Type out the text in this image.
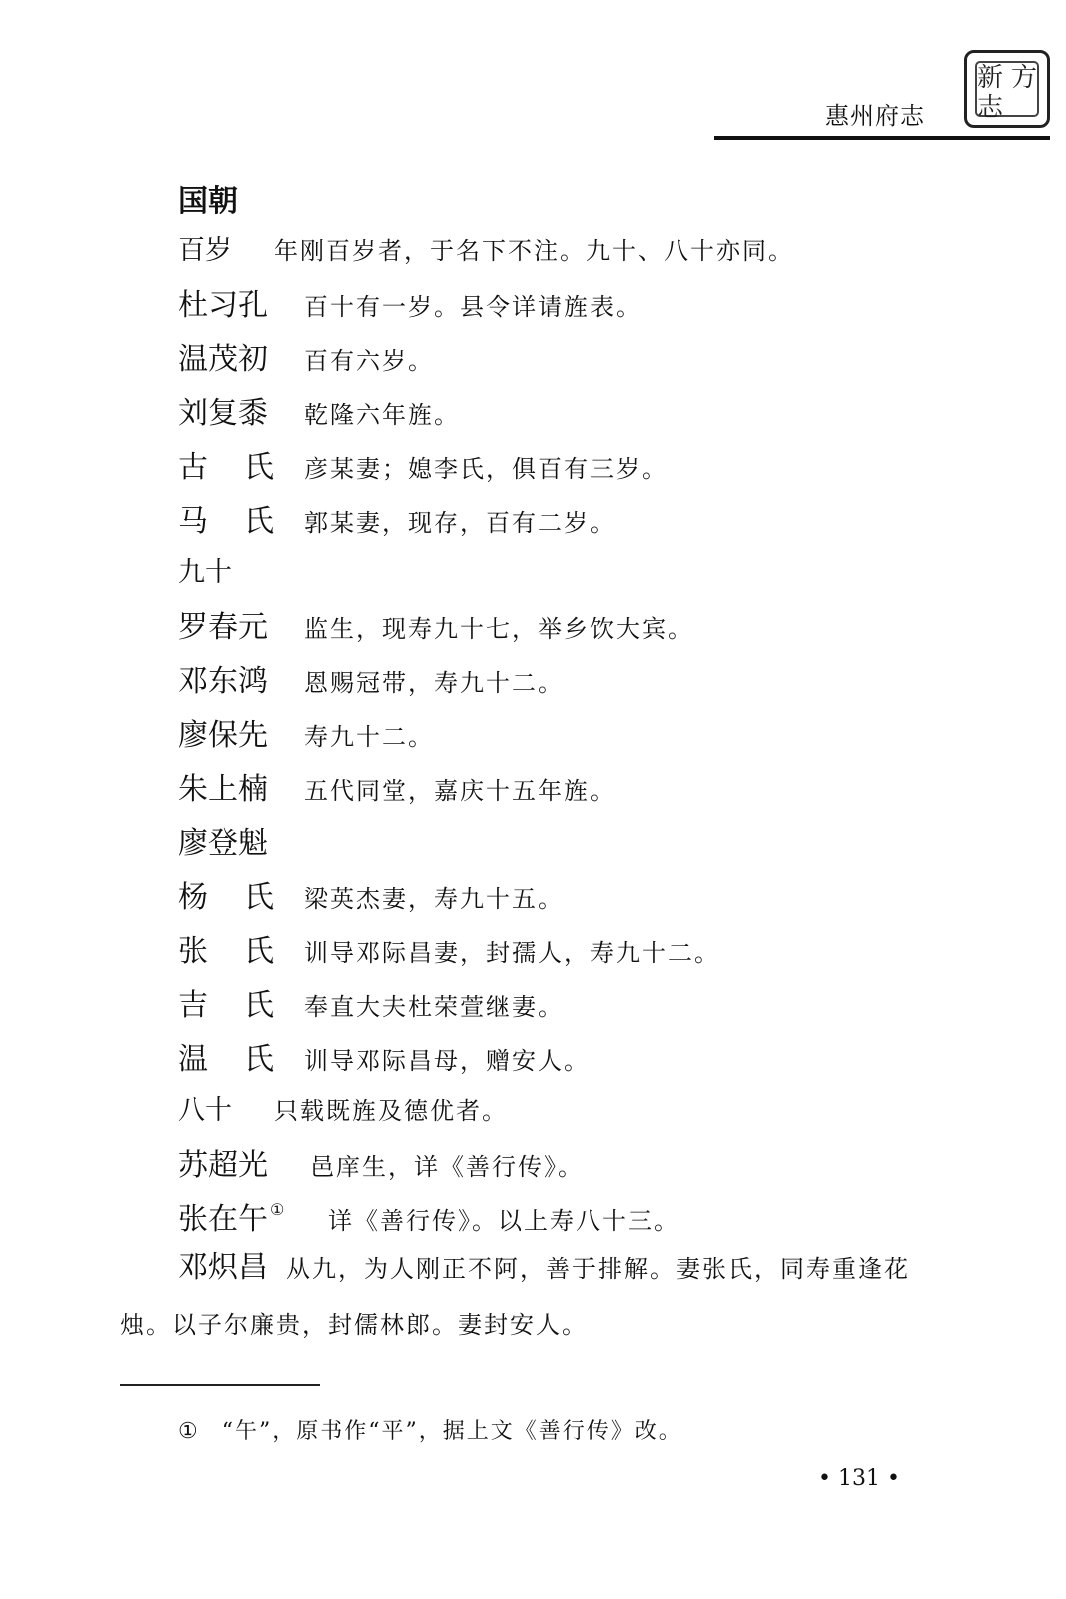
惠州府志
新 方
志
国朝
百岁 年刚百岁者，于名下不注。九十、八十亦同。
杜习孔 百十有一岁。县令详请旌表。
温茂初 百有六岁。
刘复黍 乾隆六年旌。
古氏彦某妻；媳李氏，俱百有三岁。
马氏郭某妻，现存，百有二岁。
九十
罗春元 监生，现寿九十七，举乡饮大宾。
邓东鸿 恩赐冠带，寿九十二。
廖保先 寿九十二。
朱上楠 五代同堂，嘉庆十五年旌。
廖登魁
杨氏梁英杰妻，寿九十五。
张氏训导邓际昌妻，封孺人，寿九十二。
吉氏奉直大夫杜荣萱继妻。
温氏训导邓际昌母，赠安人。
八十 只载既旌及德优者。
苏超光 邑庠生，详《善行传》。
张在午 ① 详《善行传》。以上寿八十三。
邓炽昌 从九，为人刚正不阿，善于排解。妻张氏，同寿重逢花烛。以子尔廉贵，封儒林郎。妻封安人。
① “午”，原书作“平”，据上文《善行传》改。
• 131 •
